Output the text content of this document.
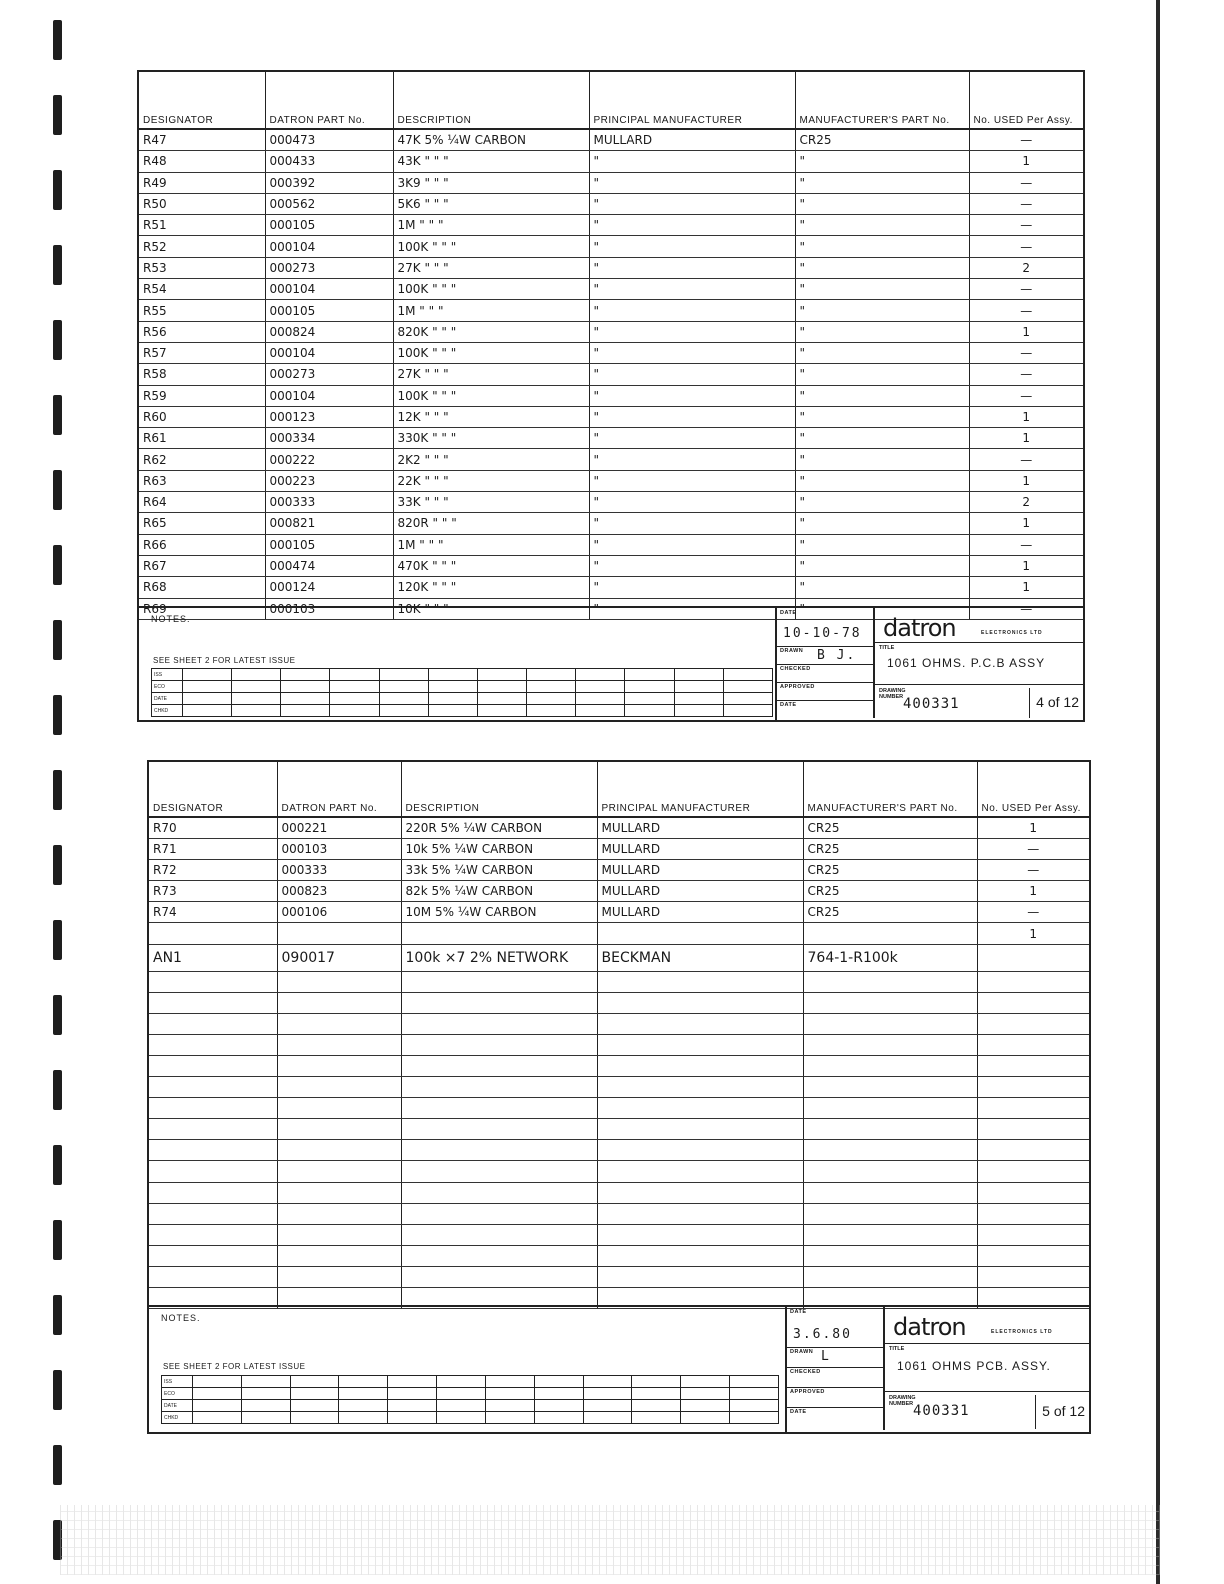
DESIGNATOR	DATRON PART No.	DESCRIPTION	PRINCIPAL MANUFACTURER	MANUFACTURER'S PART No.	No. USED Per Assy.
R47	000473	47K 5% ¼W CARBON	MULLARD	CR25	—
R48	000433	43K " " "	"	"	1
R49	000392	3K9 " " "	"	"	—
R50	000562	5K6 " " "	"	"	—
R51	000105	1M " " "	"	"	—
R52	000104	100K " " "	"	"	—
R53	000273	27K " " "	"	"	2
R54	000104	100K " " "	"	"	—
R55	000105	1M " " "	"	"	—
R56	000824	820K " " "	"	"	1
R57	000104	100K " " "	"	"	—
R58	000273	27K " " "	"	"	—
R59	000104	100K " " "	"	"	—
R60	000123	12K " " "	"	"	1
R61	000334	330K " " "	"	"	1
R62	000222	2K2 " " "	"	"	—
R63	000223	22K " " "	"	"	1
R64	000333	33K " " "	"	"	2
R65	000821	820R " " "	"	"	1
R66	000105	1M " " "	"	"	—
R67	000474	470K " " "	"	"	1
R68	000124	120K " " "	"	"	1
R69	000103	10K " " "	"	"	—
NOTES.
SEE SHEET 2 FOR LATEST ISSUE
ISS												
ECO												
DATE												
CHKD												
DATE
10-10-78
DRAWN B J.
CHECKED
APPROVED
DATE
datron	ELECTRONICS LTD
TITLE
1061 OHMS. P.C.B ASSY
DRAWING NUMBER 400331	4 of 12
DESIGNATOR	DATRON PART No.	DESCRIPTION	PRINCIPAL MANUFACTURER	MANUFACTURER'S PART No.	No. USED Per Assy.
R70	000221	220R 5% ¼W CARBON	MULLARD	CR25	1
R71	000103	10k 5% ¼W CARBON	MULLARD	CR25	—
R72	000333	33k 5% ¼W CARBON	MULLARD	CR25	—
R73	000823	82k 5% ¼W CARBON	MULLARD	CR25	1
R74	000106	10M 5% ¼W CARBON	MULLARD	CR25	—
					1
AN1	090017	100k ×7 2% NETWORK	BECKMAN	764-1-R100k	

NOTES.
SEE SHEET 2 FOR LATEST ISSUE
ISS												
ECO												
DATE												
CHKD												
DATE
3.6.80
DRAWN L
CHECKED
APPROVED
DATE
datron	ELECTRONICS LTD
TITLE
1061 OHMS PCB. ASSY.
DRAWING NUMBER 400331	5 of 12
